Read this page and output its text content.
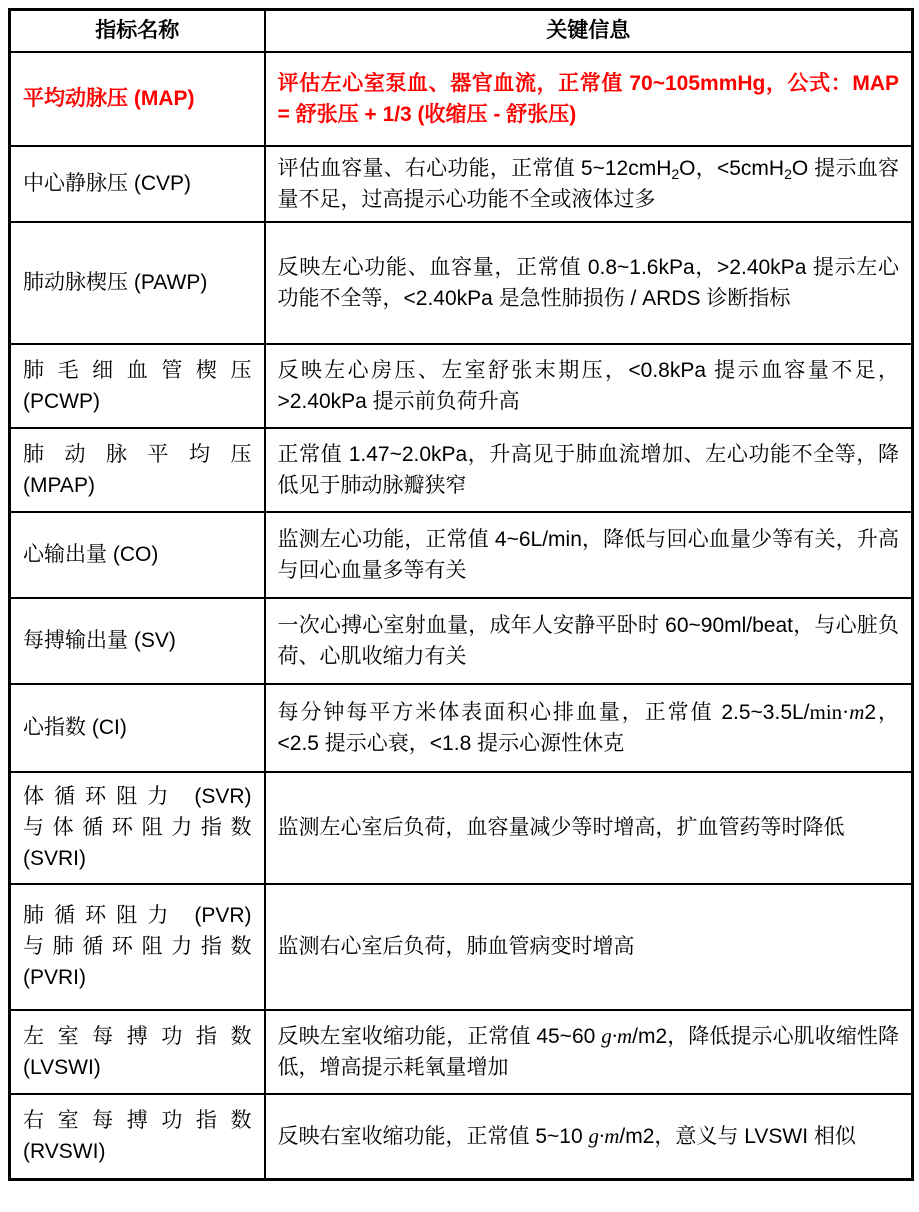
指标名称	关键信息

平均动脉压 (MAP)	评估左心室泵血、器官血流，正常值 70~105mmHg，公式：MAP = 舒张压 + 1/3 (收缩压 - 舒张压)

中心静脉压 (CVP)	评估血容量、右心功能，正常值 5~12cmH$_2$O，<5cmH$_2$O 提示血容量不足，过高提示心功能不全或液体过多

肺动脉楔压 (PAWP)	反映左心功能、血容量，正常值 0.8~1.6kPa，>2.40kPa 提示左心功能不全等，<2.40kPa 是急性肺损伤 / ARDS 诊断指标

肺毛细血管楔压
(PCWP)	反映左心房压、左室舒张末期压，<0.8kPa 提示血容量不足，>2.40kPa 提示前负荷升高

肺动脉平均压
(MPAP)	正常值 1.47~2.0kPa，升高见于肺血流增加、左心功能不全等，降低见于肺动脉瓣狭窄

心输出量 (CO)	监测左心功能，正常值 4~6L/min，降低与回心血量少等有关，升高与回心血量多等有关

每搏输出量 (SV)	一次心搏心室射血量，成年人安静平卧时 60~90ml/beat，与心脏负荷、心肌收缩力有关

心指数 (CI)	每分钟每平方米体表面积心排血量，正常值 2.5~3.5L/min·m2，<2.5 提示心衰，<1.8 提示心源性休克

体循环阻力 (SVR)
与体循环阻力指数
(SVRI)	监测左心室后负荷，血容量减少等时增高，扩血管药等时降低

肺循环阻力 (PVR)
与肺循环阻力指数
(PVRI)	监测右心室后负荷，肺血管病变时增高

左室每搏功指数
(LVSWI)	反映左室收缩功能，正常值 45~60 g·m/m2，降低提示心肌收缩性降低，增高提示耗氧量增加

右室每搏功指数
(RVSWI)	反映右室收缩功能，正常值 5~10 g·m/m2，意义与 LVSWI 相似
